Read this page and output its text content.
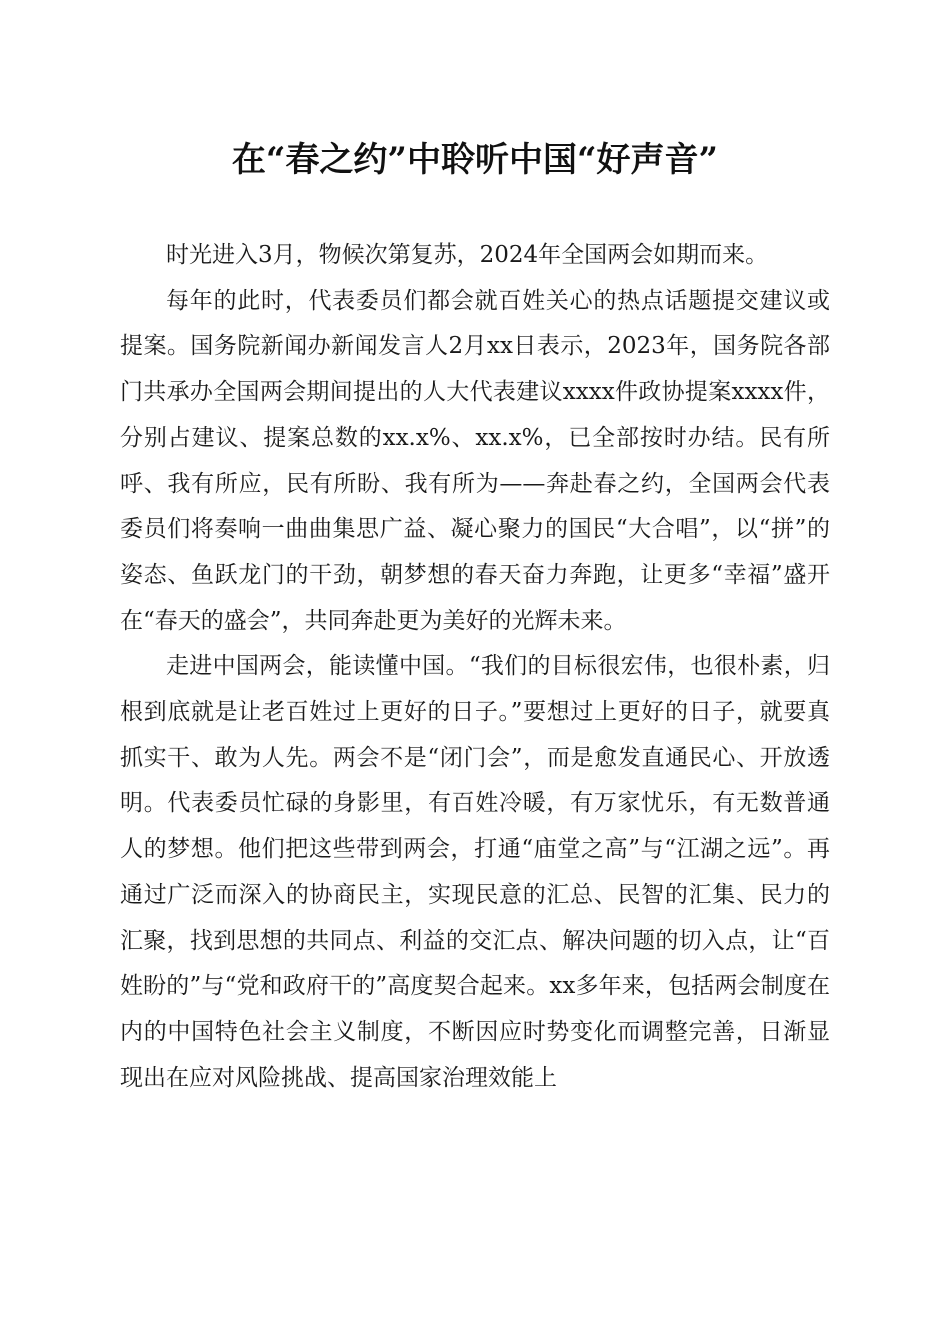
在“春之约”中聆听中国“好声音”

时光进入3月，物候次第复苏，2024年全国两会如期而来。

每年的此时，代表委员们都会就百姓关心的热点话题提交建议或提案。国务院新闻办新闻发言人2月xx日表示，2023年，国务院各部门共承办全国两会期间提出的人大代表建议xxxx件政协提案xxxx件，分别占建议、提案总数的xx.x%、xx.x%，已全部按时办结。民有所呼、我有所应，民有所盼、我有所为——奔赴春之约，全国两会代表委员们将奏响一曲曲集思广益、凝心聚力的国民“大合唱”，以“拼”的姿态、鱼跃龙门的干劲，朝梦想的春天奋力奔跑，让更多“幸福”盛开在“春天的盛会”，共同奔赴更为美好的光辉未来。

走进中国两会，能读懂中国。“我们的目标很宏伟，也很朴素，归根到底就是让老百姓过上更好的日子。”要想过上更好的日子，就要真抓实干、敢为人先。两会不是“闭门会”，而是愈发直通民心、开放透明。代表委员忙碌的身影里，有百姓冷暖，有万家忧乐，有无数普通人的梦想。他们把这些带到两会，打通“庙堂之高”与“江湖之远”。再通过广泛而深入的协商民主，实现民意的汇总、民智的汇集、民力的汇聚，找到思想的共同点、利益的交汇点、解决问题的切入点，让“百姓盼的”与“党和政府干的”高度契合起来。xx多年来，包括两会制度在内的中国特色社会主义制度，不断因应时势变化而调整完善，日渐显现出在应对风险挑战、提高国家治理效能上
